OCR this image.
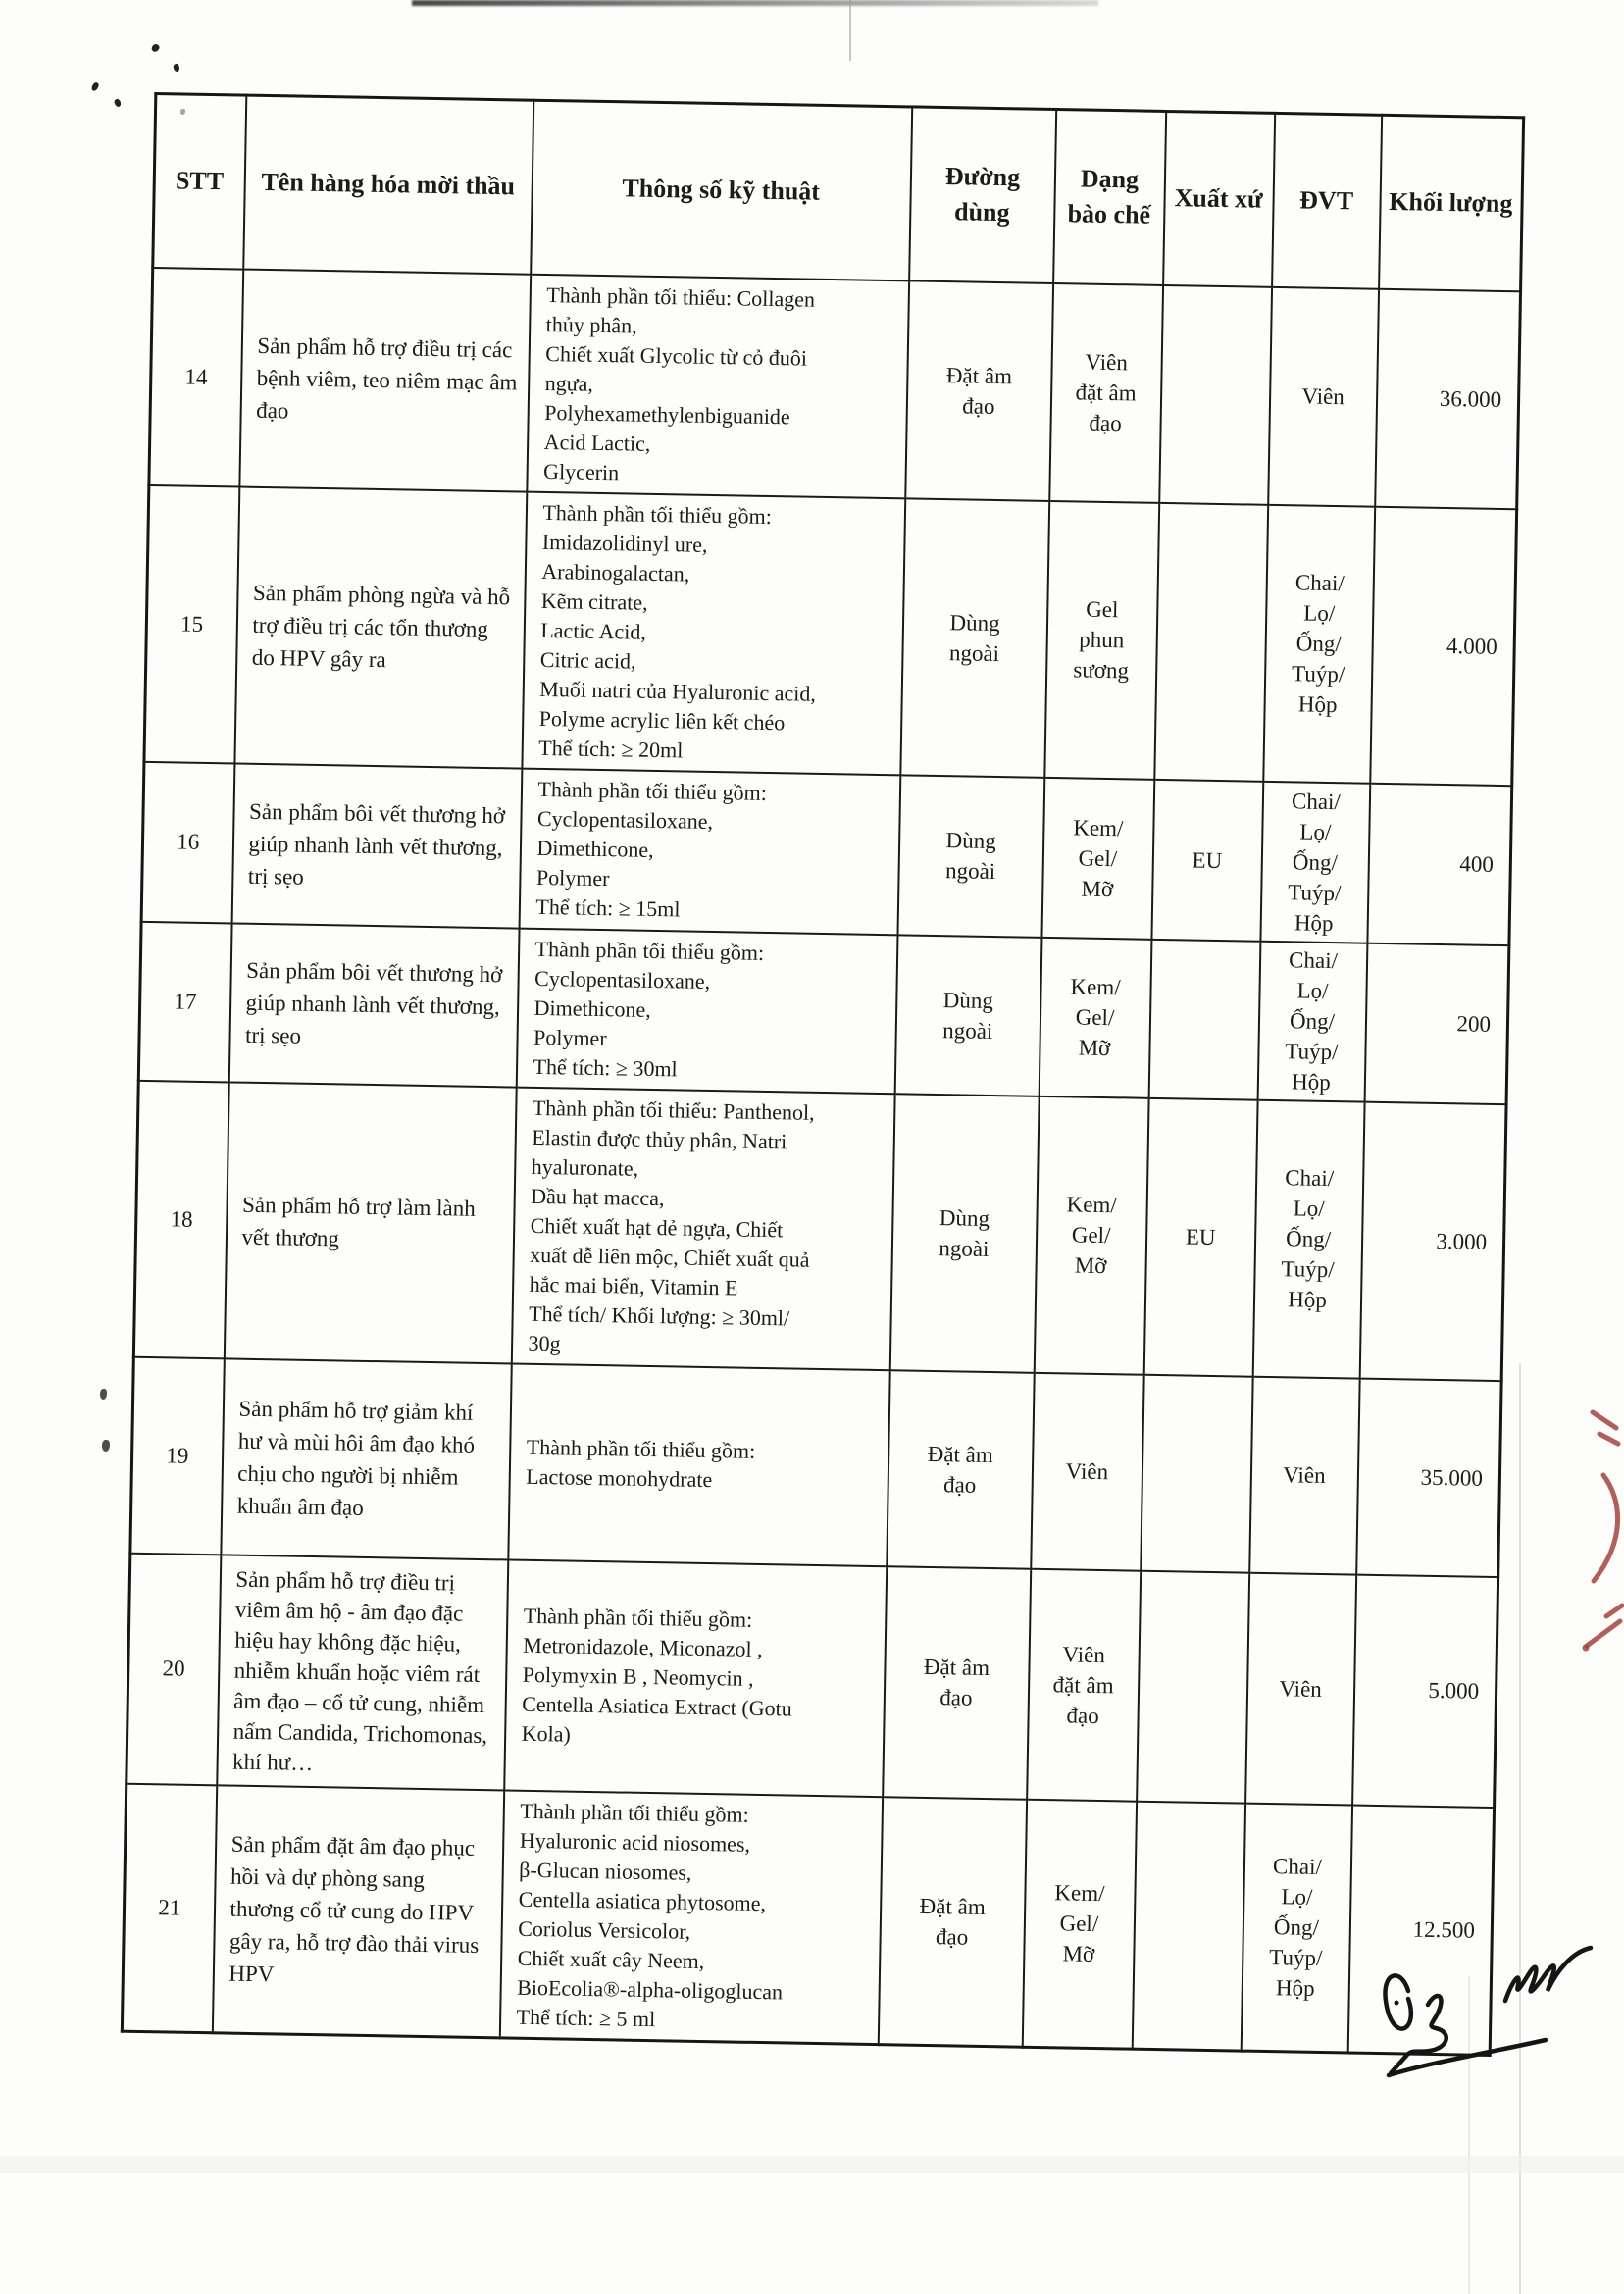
STT	Tên hàng hóa mời thầu	Thông số kỹ thuật	Đường dùng	Dạng bào chế	Xuất xứ	ĐVT	Khối lượng
14	Sản phẩm hỗ trợ điều trị các bệnh viêm, teo niêm mạc âm đạo	Thành phần tối thiểu: Collagen
thủy phân,
Chiết xuất Glycolic từ cỏ đuôi
ngựa,
Polyhexamethylenbiguanide
Acid Lactic,
Glycerin	Đặt âm
đạo	Viên
đặt âm
đạo		Viên	36.000
15	Sản phẩm phòng ngừa và hỗ trợ điều trị các tổn thương do HPV gây ra	Thành phần tối thiểu gồm:
Imidazolidinyl ure,
Arabinogalactan,
Kẽm citrate,
Lactic Acid,
Citric acid,
Muối natri của Hyaluronic acid,
Polyme acrylic liên kết chéo
Thể tích: ≥ 20ml	Dùng
ngoài	Gel
phun
sương		Chai/
Lọ/
Ống/
Tuýp/
Hộp	4.000
16	Sản phẩm bôi vết thương hở giúp nhanh lành vết thương, trị sẹo	Thành phần tối thiểu gồm:
Cyclopentasiloxane,
Dimethicone,
Polymer
Thể tích: ≥ 15ml	Dùng
ngoài	Kem/
Gel/
Mỡ	EU	Chai/
Lọ/
Ống/
Tuýp/
Hộp	400
17	Sản phẩm bôi vết thương hở giúp nhanh lành vết thương, trị sẹo	Thành phần tối thiểu gồm:
Cyclopentasiloxane,
Dimethicone,
Polymer
Thể tích: ≥ 30ml	Dùng
ngoài	Kem/
Gel/
Mỡ		Chai/
Lọ/
Ống/
Tuýp/
Hộp	200
18	Sản phẩm hỗ trợ làm lành vết thương	Thành phần tối thiểu: Panthenol,
Elastin được thủy phân, Natri
hyaluronate,
Dầu hạt macca,
Chiết xuất hạt dẻ ngựa, Chiết
xuất dễ liên mộc, Chiết xuất quả
hắc mai biển, Vitamin E
Thể tích/ Khối lượng: ≥ 30ml/
30g	Dùng
ngoài	Kem/
Gel/
Mỡ	EU	Chai/
Lọ/
Ống/
Tuýp/
Hộp	3.000
19	Sản phẩm hỗ trợ giảm khí hư và mùi hôi âm đạo khó chịu cho người bị nhiễm khuẩn âm đạo	Thành phần tối thiểu gồm:
Lactose monohydrate	Đặt âm
đạo	Viên		Viên	35.000
20	Sản phẩm hỗ trợ điều trị viêm âm hộ - âm đạo đặc hiệu hay không đặc hiệu, nhiễm khuẩn hoặc viêm rát âm đạo – cổ tử cung, nhiễm nấm Candida, Trichomonas, khí hư…	Thành phần tối thiểu gồm:
Metronidazole, Miconazol ,
Polymyxin B , Neomycin ,
Centella Asiatica Extract (Gotu
Kola)	Đặt âm
đạo	Viên
đặt âm
đạo		Viên	5.000
21	Sản phẩm đặt âm đạo phục hồi và dự phòng sang thương cổ tử cung do HPV gây ra, hỗ trợ đào thải virus HPV	Thành phần tối thiểu gồm:
Hyaluronic acid niosomes,
β-Glucan niosomes,
Centella asiatica phytosome,
Coriolus Versicolor,
Chiết xuất cây Neem,
BioEcolia®-alpha-oligoglucan
Thể tích: ≥ 5 ml	Đặt âm
đạo	Kem/
Gel/
Mỡ		Chai/
Lọ/
Ống/
Tuýp/
Hộp	12.500
